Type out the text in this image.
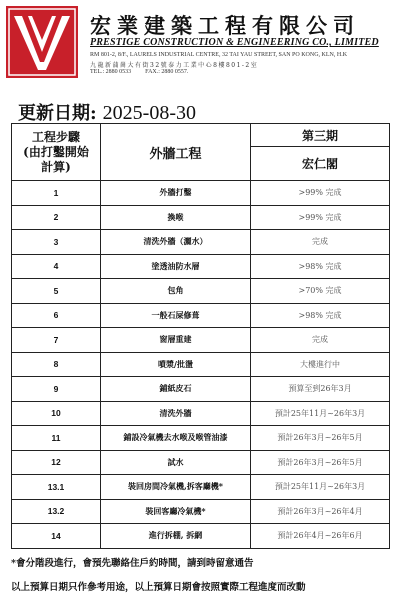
宏業建築工程有限公司
PRESTIGE CONSTRUCTION & ENGINEERING CO., LIMITED
RM 801-2, 8/F., LAURELS INDUSTRIAL CENTRE, 32 TAI YAU STREET, SAN PO KONG, KLN, H.K
九龍新蒲崗大有街32號泰力工業中心8樓801-2室
TEL.: 2880 0533 FAX.: 2880 0557.
更新日期: 2025-08-30
工程步驟
(由打鑿開始
計算)	外牆工程	第三期
		宏仁閣
1	外牆打鑿	>99% 完成
2	換喉	>99% 完成
3	清洗外牆（灑水）	完成
4	塗透油防水層	>98% 完成
5	包角	>70% 完成
6	一般石屎修葺	>98% 完成
7	窗層重建	完成
8	噴漿/批盪	大樓進行中
9	鋪紙皮石	預算至到26年3月
10	清洗外牆	預計25年11月~26年3月
11	鋪設冷氣機去水喉及喉管油漆	預計26年3月~26年5月
12	試水	預計26年3月~26年5月
13.1	裝回房間冷氣機,拆客廳機*	預計25年11月~26年3月
13.2	裝回客廳冷氣機*	預計26年3月~26年4月
14	進行拆棚, 拆網	預計26年4月~26年6月
*會分階段進行，會預先聯絡住戶約時間，請到時留意通告
以上預算日期只作參考用途，以上預算日期會按照實際工程進度而改動
